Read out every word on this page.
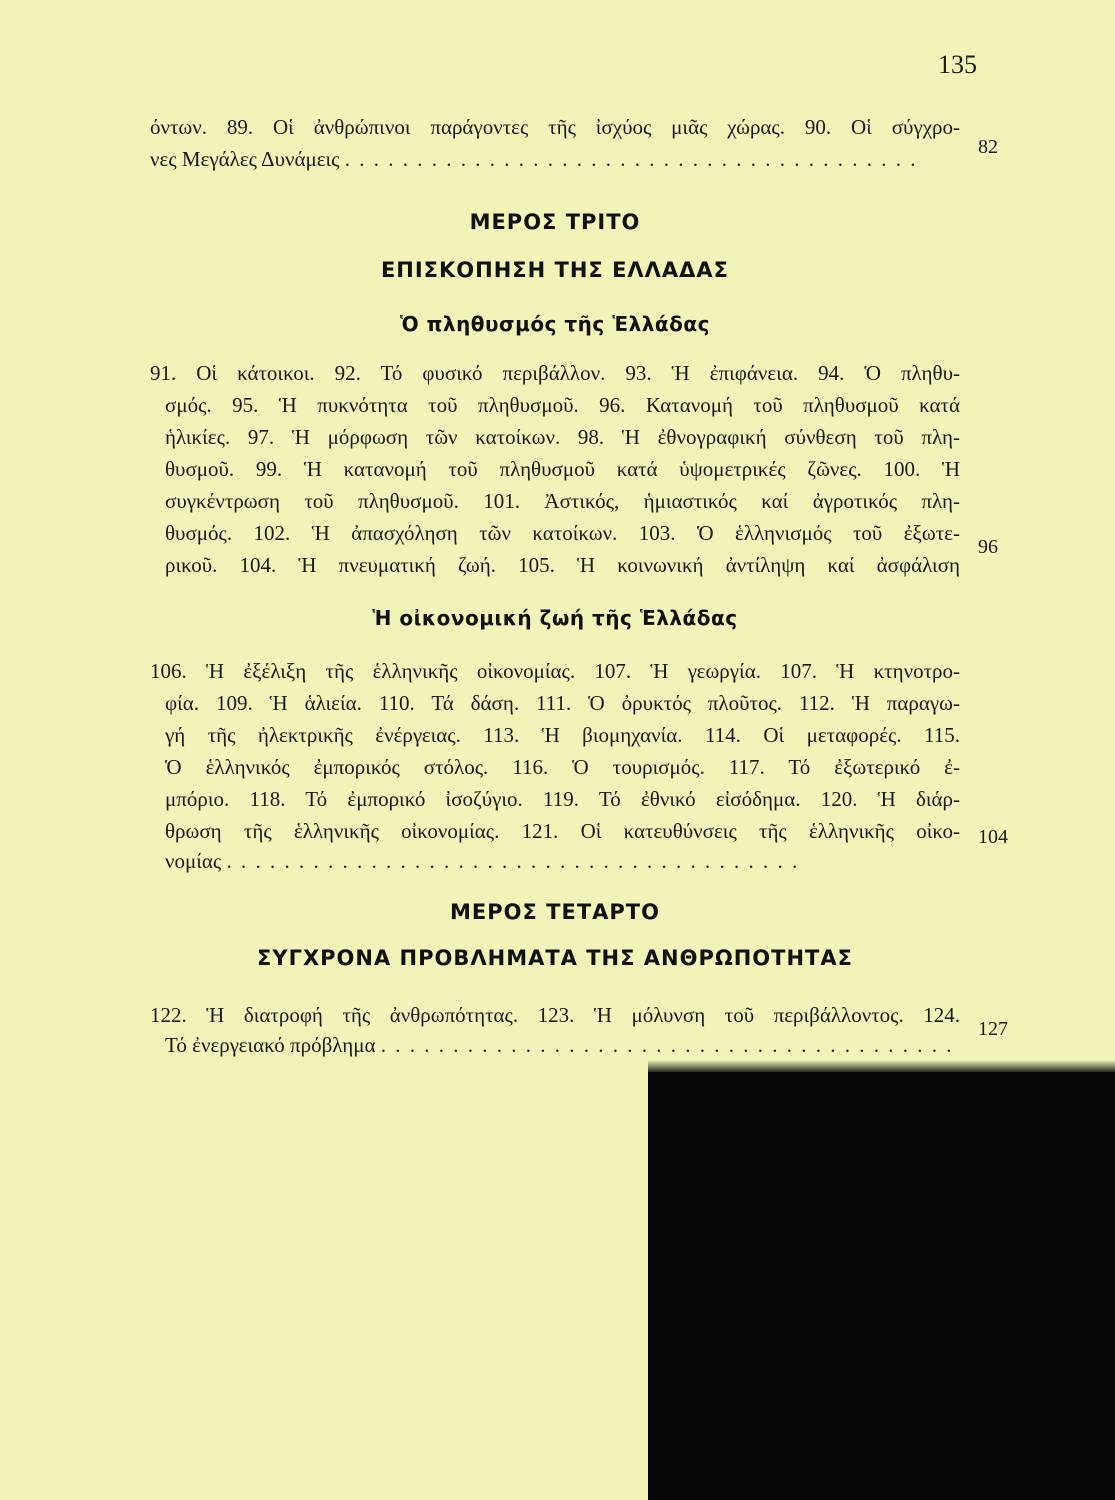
135
όντων. 89. Οἱ ἀνθρώπινοι παράγοντες τῆς ἰσχύος μιᾶς χώρας. 90. Οἱ σύγχρο-
νες Μεγάλες Δυνάμεις . . . . . . . . . . . . . . . . . . . . . . . . . . . . . . . . . . . . . . . .	82
ΜΕΡΟΣ ΤΡΙΤΟ
ΕΠΙΣΚΟΠΗΣΗ ΤΗΣ ΕΛΛΑΔΑΣ
Ὁ πληθυσμός τῆς Ἑλλάδας
91. Οἱ κάτοικοι. 92. Τό φυσικό περιβάλλον. 93. Ἡ ἐπιφάνεια. 94. Ὁ πληθυ-
σμός. 95. Ἡ πυκνότητα τοῦ πληθυσμοῦ. 96. Κατανομή τοῦ πληθυσμοῦ κατά
ἡλικίες. 97. Ἡ μόρφωση τῶν κατοίκων. 98. Ἡ ἐθνογραφική σύνθεση τοῦ πλη-
θυσμοῦ. 99. Ἡ κατανομή τοῦ πληθυσμοῦ κατά ὑψομετρικές ζῶνες. 100. Ἡ
συγκέντρωση τοῦ πληθυσμοῦ. 101. Ἀστικός, ἡμιαστικός καί ἀγροτικός πλη-
θυσμός. 102. Ἡ ἀπασχόληση τῶν κατοίκων. 103. Ὁ ἑλληνισμός τοῦ ἐξωτε-
ρικοῦ. 104. Ἡ πνευματική ζωή. 105. Ἡ κοινωνική ἀντίληψη καί ἀσφάλιση
96
Ἡ οἰκονομική ζωή τῆς Ἑλλάδας
106. Ἡ ἐξέλιξη τῆς ἑλληνικῆς οἰκονομίας. 107. Ἡ γεωργία. 107. Ἡ κτηνοτρο-
φία. 109. Ἡ ἁλιεία. 110. Τά δάση. 111. Ὁ ὀρυκτός πλοῦτος. 112. Ἡ παραγω-
γή τῆς ἠλεκτρικῆς ἐνέργειας. 113. Ἡ βιομηχανία. 114. Οἱ μεταφορές. 115.
Ὁ ἑλληνικός ἐμπορικός στόλος. 116. Ὁ τουρισμός. 117. Τό ἐξωτερικό ἐ-
μπόριο. 118. Τό ἐμπορικό ἰσοζύγιο. 119. Τό ἐθνικό εἰσόδημα. 120. Ἡ διάρ-
θρωση τῆς ἑλληνικῆς οἰκονομίας. 121. Οἱ κατευθύνσεις τῆς ἑλληνικῆς οἰκο-
νομίας . . . . . . . . . . . . . . . . . . . . . . . . . . . . . . . . . . . . . . . .
104
ΜΕΡΟΣ ΤΕΤΑΡΤΟ
ΣΥΓΧΡΟΝΑ ΠΡΟΒΛΗΜΑΤΑ ΤΗΣ ΑΝΘΡΩΠΟΤΗΤΑΣ
122. Ἡ διατροφή τῆς ἀνθρωπότητας. 123. Ἡ μόλυνση τοῦ περιβάλλοντος. 124.
Τό ἐνεργειακό πρόβλημα . . . . . . . . . . . . . . . . . . . . . . . . . . . . . . . . . . . . . . . .
127
